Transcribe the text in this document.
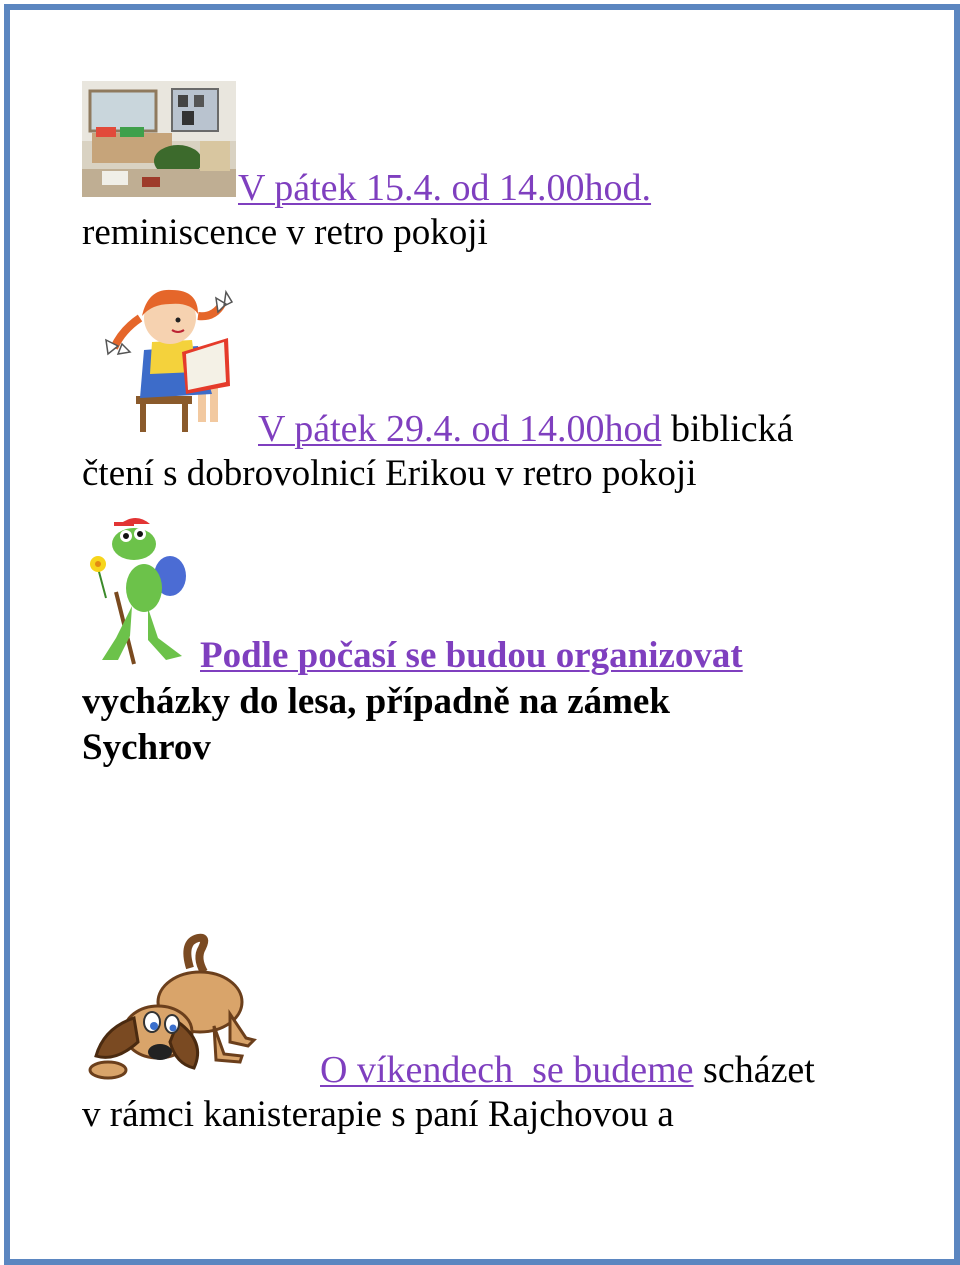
V pátek 15.4. od 14.00hod.
reminiscence v retro pokoji
V pátek 29.4. od 14.00hod biblická
čtení s dobrovolnicí Erikou v retro pokoji
Podle počasí se budou organizovat
vycházky do lesa, případně na zámek
Sychrov
O víkendech  se budeme scházet
v rámci kanisterapie s paní Rajchovou a
